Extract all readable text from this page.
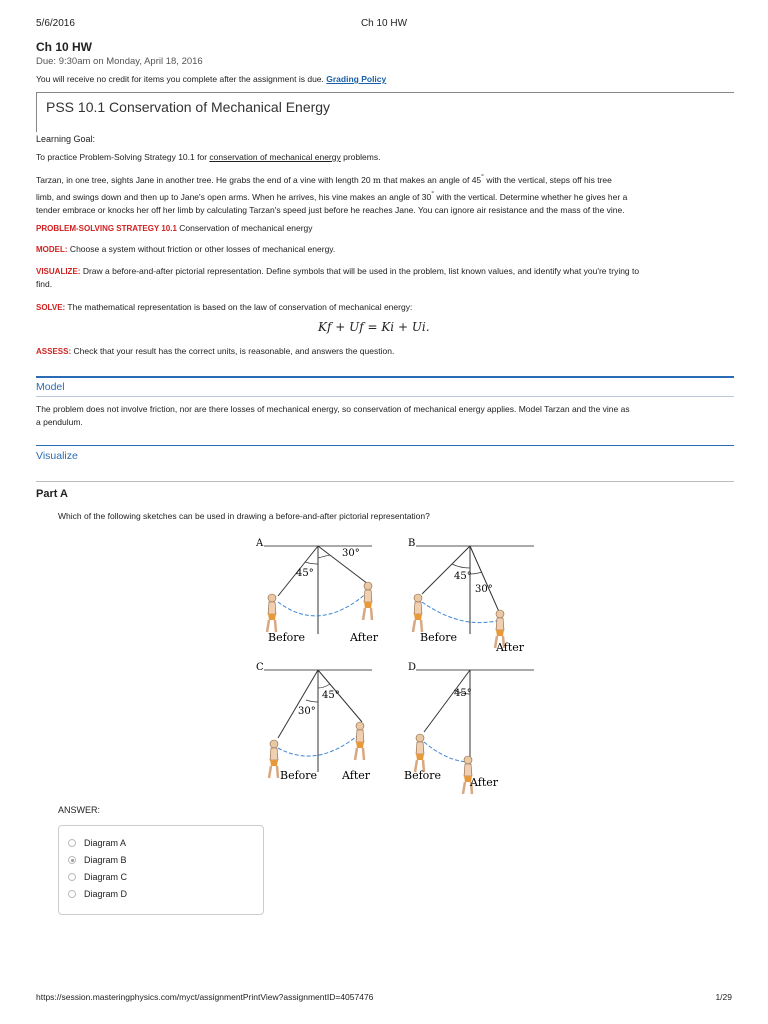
5/6/2016	Ch 10 HW
Ch 10 HW
Due: 9:30am on Monday, April 18, 2016
You will receive no credit for items you complete after the assignment is due. Grading Policy
PSS 10.1 Conservation of Mechanical Energy
Learning Goal:
To practice Problem-Solving Strategy 10.1 for conservation of mechanical energy problems.
Tarzan, in one tree, sights Jane in another tree. He grabs the end of a vine with length 20 m that makes an angle of 45° with the vertical, steps off his tree
limb, and swings down and then up to Jane's open arms. When he arrives, his vine makes an angle of 30° with the vertical. Determine whether he gives her a
tender embrace or knocks her off her limb by calculating Tarzan's speed just before he reaches Jane. You can ignore air resistance and the mass of the vine.
PROBLEM-SOLVING STRATEGY 10.1 Conservation of mechanical energy
MODEL: Choose a system without friction or other losses of mechanical energy.
VISUALIZE: Draw a before-and-after pictorial representation. Define symbols that will be used in the problem, list known values, and identify what you're trying to
find.
SOLVE: The mathematical representation is based on the law of conservation of mechanical energy:
Kf + Uf = Ki + Ui.
ASSESS: Check that your result has the correct units, is reasonable, and answers the question.
Model
The problem does not involve friction, nor are there losses of mechanical energy, so conservation of mechanical energy applies. Model Tarzan and the vine as
a pendulum.
Visualize
Part A
Which of the following sketches can be used in drawing a before-and-after pictorial representation?
A
45°
30°
Before	After
B
45°
30°
Before
After
C
45°
30°
Before After
D
45°
Before
After
ANSWER:
Diagram A
Diagram B
Diagram C
Diagram D
https://session.masteringphysics.com/myct/assignmentPrintView?assignmentID=4057476	1/29
